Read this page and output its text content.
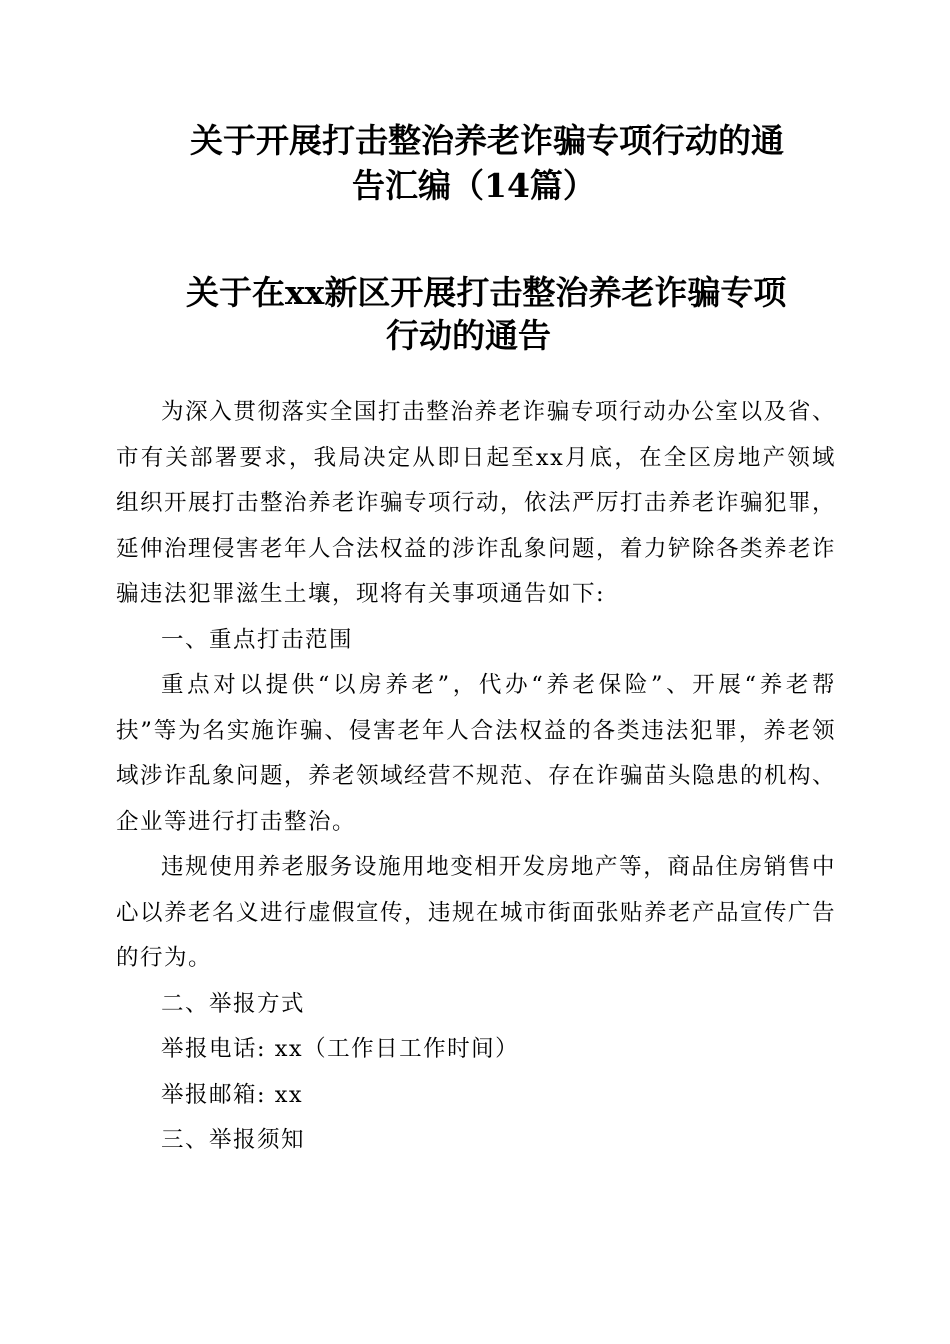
关于开展打击整治养老诈骗专项行动的通
告汇编（14篇）
关于在xx新区开展打击整治养老诈骗专项
行动的通告

为深入贯彻落实全国打击整治养老诈骗专项行动办公室以及省、市有关部署要求，我局决定从即日起至xx月底，在全区房地产领域组织开展打击整治养老诈骗专项行动，依法严厉打击养老诈骗犯罪，延伸治理侵害老年人合法权益的涉诈乱象问题，着力铲除各类养老诈骗违法犯罪滋生土壤，现将有关事项通告如下:

一、重点打击范围

重点对以提供“以房养老”，代办“养老保险”、开展“养老帮扶”等为名实施诈骗、侵害老年人合法权益的各类违法犯罪，养老领域涉诈乱象问题，养老领域经营不规范、存在诈骗苗头隐患的机构、企业等进行打击整治。

违规使用养老服务设施用地变相开发房地产等，商品住房销售中心以养老名义进行虚假宣传，违规在城市街面张贴养老产品宣传广告的行为。

二、举报方式

举报电话: xx（工作日工作时间）

举报邮箱: xx

三、举报须知
